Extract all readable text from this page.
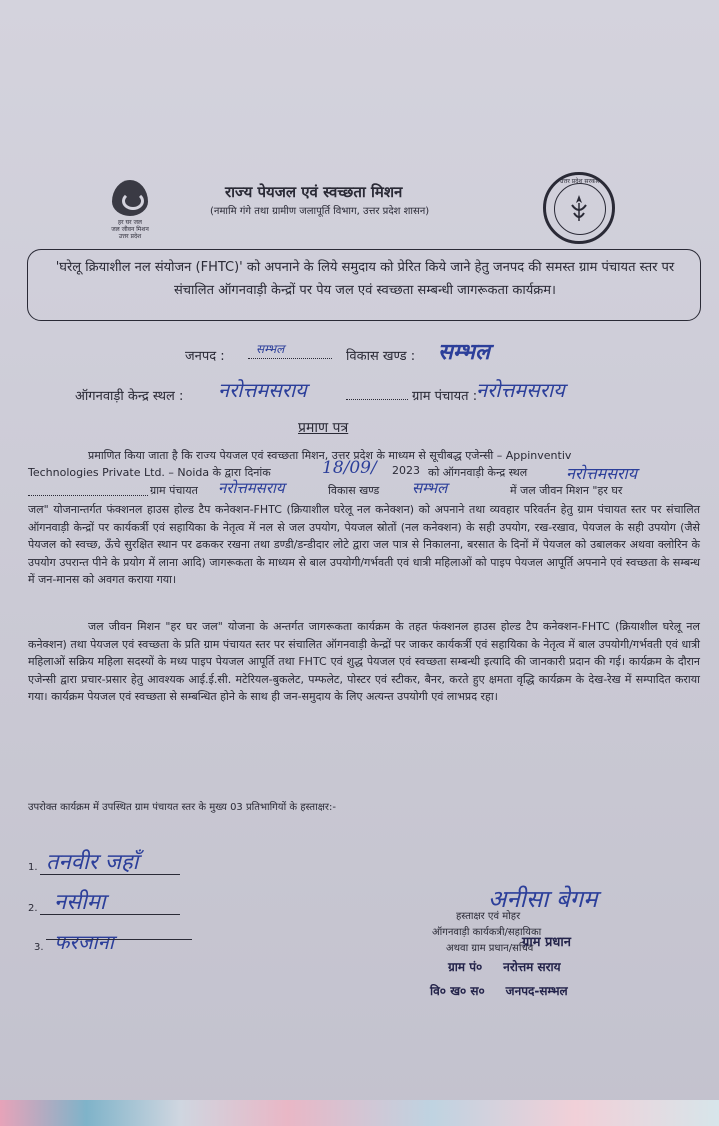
हर घर जल
जल जीवन मिशन
उत्तर प्रदेश
राज्य पेयजल एवं स्वच्छता मिशन
(नमामि गंगे तथा ग्रामीण जलापूर्ति विभाग, उत्तर प्रदेश शासन)
उत्तर प्रदेश सरकार
'घरेलू क्रियाशील नल संयोजन (FHTC)' को अपनाने के लिये समुदाय को प्रेरित किये जाने हेतु जनपद की समस्त ग्राम पंचायत स्तर पर संचालित ऑगनवाड़ी केन्द्रों पर पेय जल एवं स्वच्छता सम्बन्धी जागरूकता कार्यक्रम।
जनपद :	सम्भल	विकास खण्ड : सम्भल
ऑगनवाड़ी केन्द्र स्थल : नरोत्तमसराय	ग्राम पंचायत :
नरोत्तमसराय
प्रमाण पत्र
प्रमाणित किया जाता है कि राज्य पेयजल एवं स्वच्छता मिशन, उत्तर प्रदेश के माध्यम से सूचीबद्ध एजेन्सी – Appinventiv
Technologies Private Ltd. – Noida के द्वारा दिनांक	18/09/ 2023 को ऑगनवाड़ी केन्द्र स्थल नरोत्तमसराय
ग्राम पंचायत नरोत्तमसराय	विकास खण्ड सम्भल	में जल जीवन मिशन "हर घर
जल" योजनान्तर्गत फंक्शनल हाउस होल्ड टैप कनेक्शन-FHTC (क्रियाशील घरेलू नल कनेक्शन) को अपनाने तथा व्यवहार परिवर्तन हेतु ग्राम पंचायत स्तर पर संचालित ऑगनवाड़ी केन्द्रों पर कार्यकर्त्री एवं सहायिका के नेतृत्व में नल से जल उपयोग, पेयजल स्रोतों (नल कनेक्शन) के सही उपयोग, रख-रखाव, पेयजल के सही उपयोग (जैसे पेयजल को स्वच्छ, ऊँचे सुरक्षित स्थान पर ढककर रखना तथा डण्डी/डन्डीदार लोटे द्वारा जल पात्र से निकालना, बरसात के दिनों में पेयजल को उबालकर अथवा क्लोरिन के उपयोग उपरान्त पीने के प्रयोग में लाना आदि) जागरूकता के माध्यम से बाल उपयोगी/गर्भवती एवं धात्री महिलाओं को पाइप पेयजल आपूर्ति अपनाने एवं स्वच्छता के सम्बन्ध में जन-मानस को अवगत कराया गया।
जल जीवन मिशन "हर घर जल" योजना के अन्तर्गत जागरूकता कार्यक्रम के तहत फंक्शनल हाउस होल्ड टैप कनेक्शन-FHTC (क्रियाशील घरेलू नल कनेक्शन) तथा पेयजल एवं स्वच्छता के प्रति ग्राम पंचायत स्तर पर संचालित ऑगनवाड़ी केन्द्रों पर जाकर कार्यकर्त्री एवं सहायिका के नेतृत्व में बाल उपयोगी/गर्भवती एवं धात्री महिलाओं सक्रिय महिला सदस्यों के मध्य पाइप पेयजल आपूर्ति तथा FHTC एवं शुद्ध पेयजल एवं स्वच्छता सम्बन्धी इत्यादि की जानकारी प्रदान की गई। कार्यक्रम के दौरान एजेन्सी द्वारा प्रचार-प्रसार हेतु आवश्यक आई.ई.सी. मटेरियल-बुकलेट, पम्फलेट, पोस्टर एवं स्टीकर, बैनर, करते हुए क्षमता वृद्धि कार्यक्रम के देख-रेख में सम्पादित कराया गया। कार्यक्रम पेयजल एवं स्वच्छता से सम्बन्धित होने के साथ ही जन-समुदाय के लिए अत्यन्त उपयोगी एवं लाभप्रद रहा।
उपरोक्त कार्यक्रम में उपस्थित ग्राम पंचायत स्तर के मुख्य 03 प्रतिभागियों के हस्ताक्षर:-
1. तनवीर जहाँ
2. नसीमा
3. फरजाना
अनीसा बेगम
हस्ताक्षर एवं मोहर
ऑगनवाड़ी कार्यकत्री/सहायिका
अथवा ग्राम प्रधान/सचिव
ग्राम प्रधान
ग्राम पं०     नरोत्तम सराय
वि० ख० स०     जनपद-सम्भल
